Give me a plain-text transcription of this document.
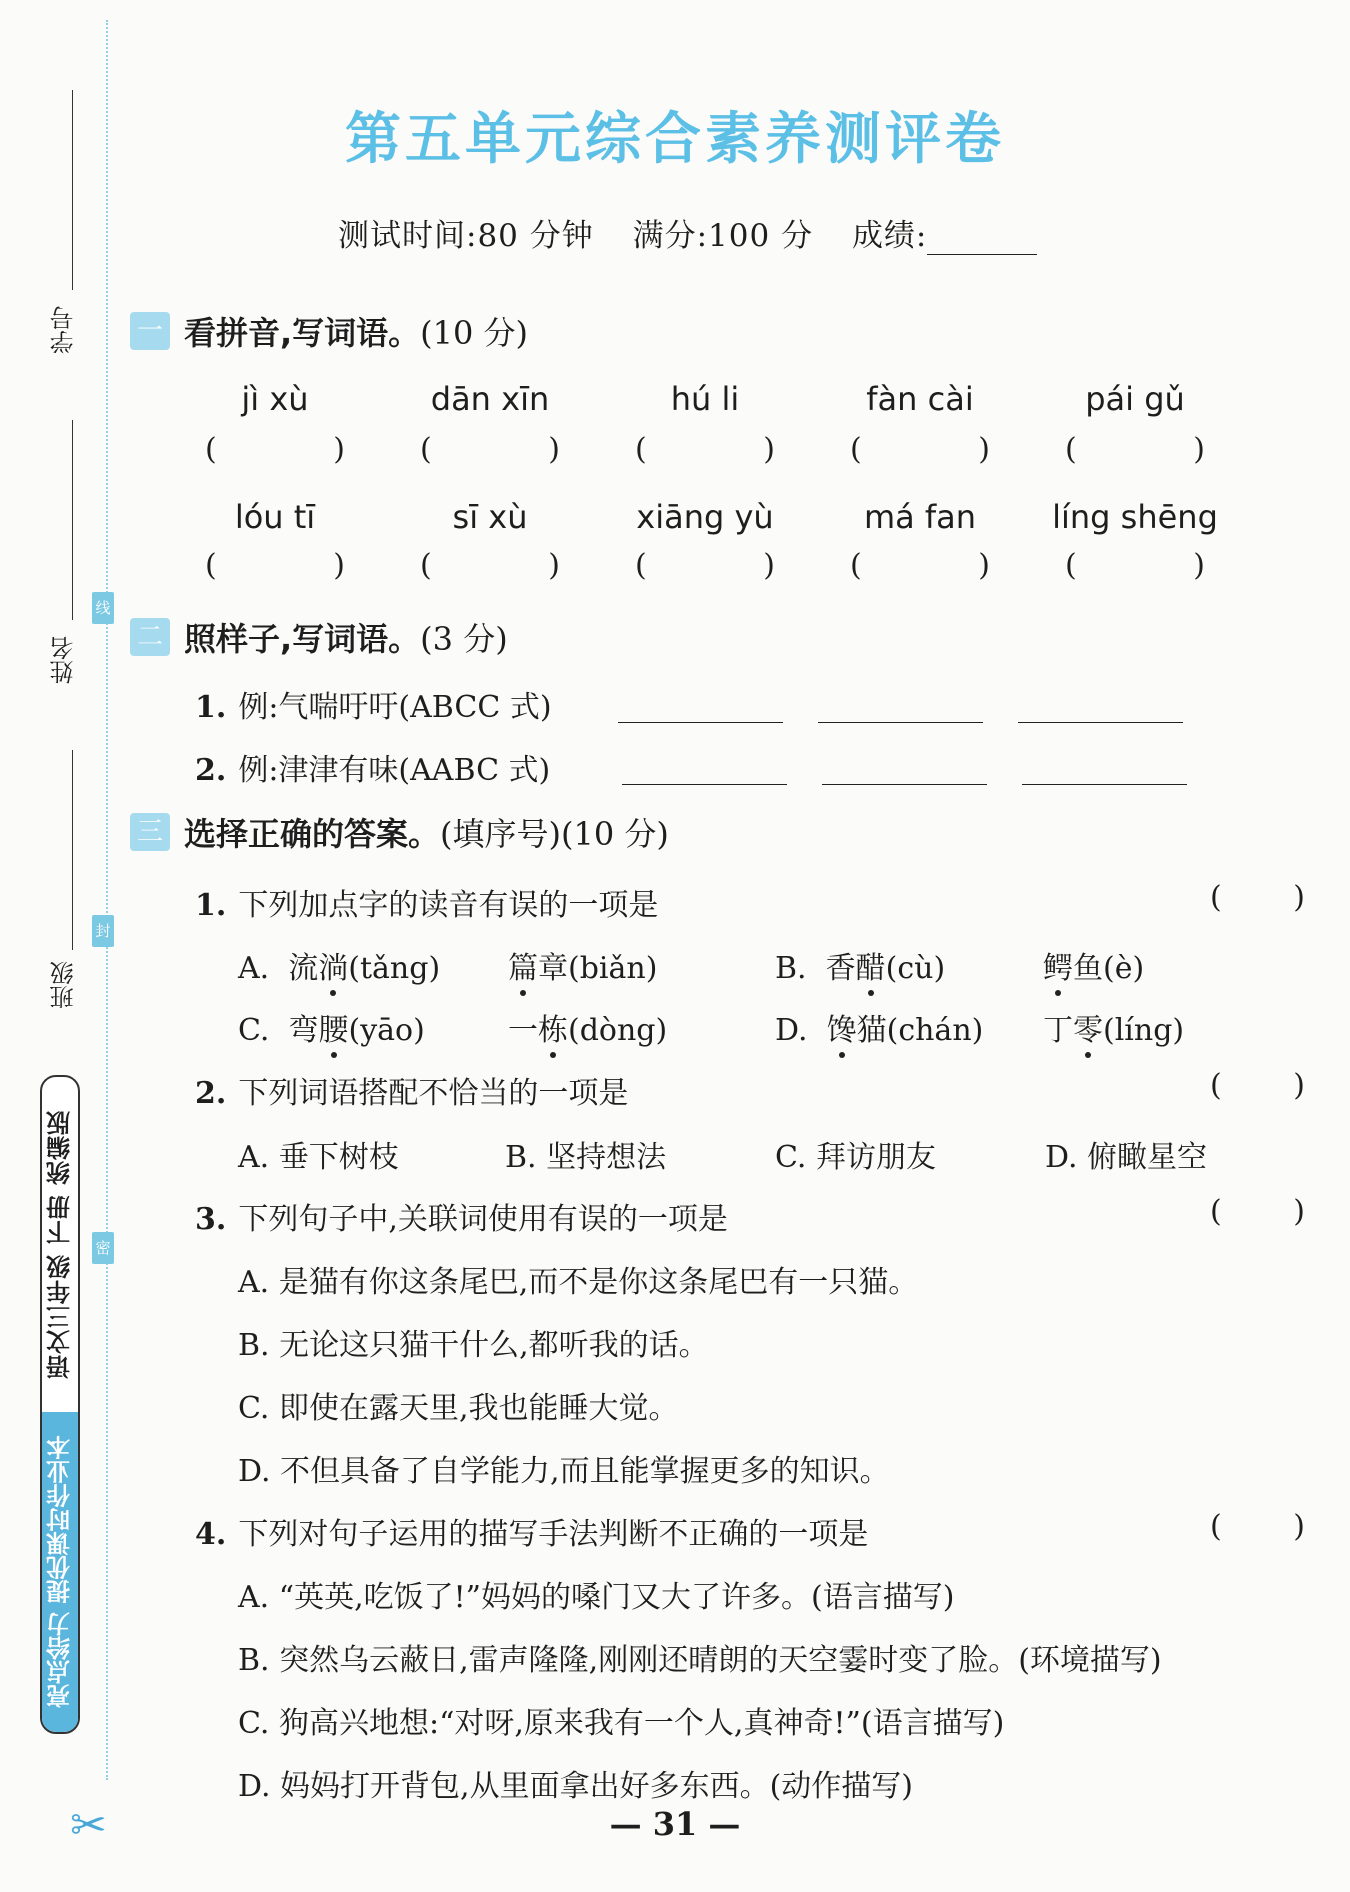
学号
姓名
班级
线
封
密
语文三年级 下册 统编版
亮点给力 提优课时作业本
✂
第五单元综合素养测评卷
测试时间:80 分钟 满分:100 分 成绩:
一 看拼音,写词语。 (10 分)
jì xù	dān xīn	hú li	fàn cài	pái gǔ
(	)	(	)	(	)	(	)	(	)
lóu tī	sī xù	xiāng yù	má fan	líng shēng
(	)	(	)	(	)	(	)	(	)
二 照样子,写词语。 (3 分)
1. 例:气喘吁吁(ABCC 式)
2. 例:津津有味(AABC 式)
三 选择正确的答案。 (填序号)(10 分)
1. 下列加点字的读音有误的一项是	( )
A. 流淌(tǎng) 篇章(biǎn)	B. 香醋(cù)	鳄鱼(è)
C. 弯腰(yāo)	一栋(dòng)	D. 馋猫(chán) 丁零(líng)
2. 下列词语搭配不恰当的一项是	( )
A. 垂下树枝	B. 坚持想法	C. 拜访朋友	D. 俯瞰星空
3. 下列句子中,关联词使用有误的一项是	( )
A. 是猫有你这条尾巴,而不是你这条尾巴有一只猫。
B. 无论这只猫干什么,都听我的话。
C. 即使在露天里,我也能睡大觉。
D. 不但具备了自学能力,而且能掌握更多的知识。
4. 下列对句子运用的描写手法判断不正确的一项是	( )
A. “英英,吃饭了!”妈妈的嗓门又大了许多。(语言描写)
B. 突然乌云蔽日,雷声隆隆,刚刚还晴朗的天空霎时变了脸。(环境描写)
C. 狗高兴地想:“对呀,原来我有一个人,真神奇!”(语言描写)
D. 妈妈打开背包,从里面拿出好多东西。(动作描写)
— 31 —
